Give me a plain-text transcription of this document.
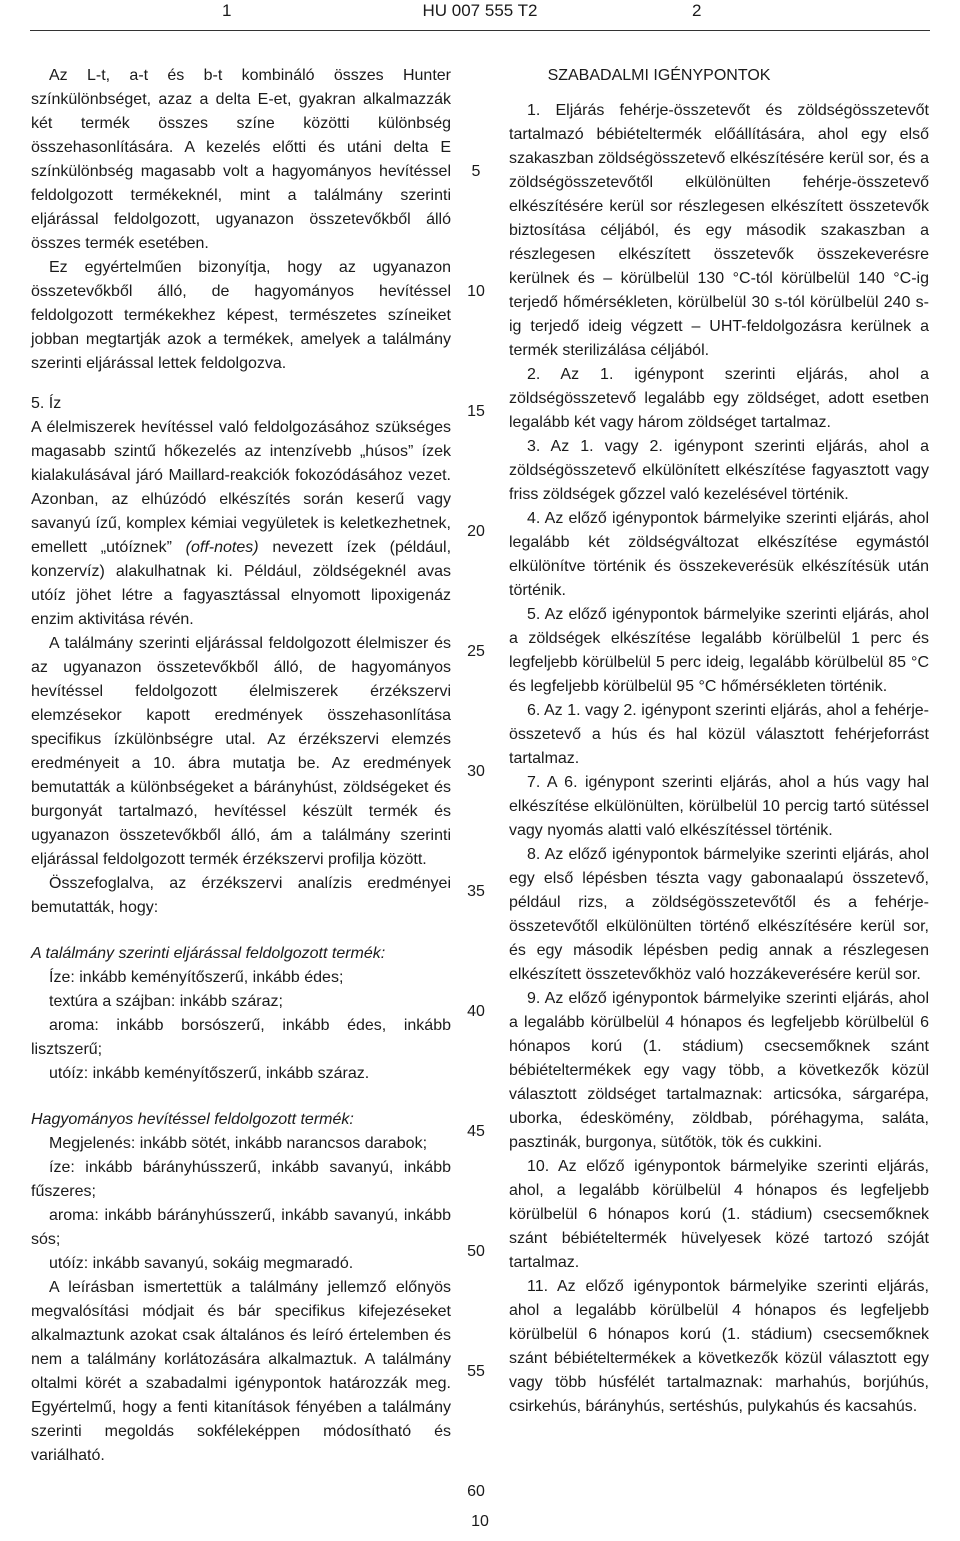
1	HU 007 555 T2	2

Az L-t, a-t és b-t kombináló összes Hunter színkülönbséget, azaz a delta E-et, gyakran alkalmazzák két termék összes színe közötti különbség összehasonlítására. A kezelés előtti és utáni delta E színkülönbség magasabb volt a hagyományos hevítéssel feldolgozott termékeknél, mint a találmány szerinti eljárással feldolgozott, ugyanazon összetevőkből álló összes termék esetében.

Ez egyértelműen bizonyítja, hogy az ugyanazon összetevőkből álló, de hagyományos hevítéssel feldolgozott termékekhez képest, természetes színeiket jobban megtartják azok a termékek, amelyek a találmány szerinti eljárással lettek feldolgozva.

5. Íz

A élelmiszerek hevítéssel való feldolgozásához szükséges magasabb szintű hőkezelés az intenzívebb „húsos” ízek kialakulásával járó Maillard-reakciók fokozódásához vezet. Azonban, az elhúzódó elkészítés során keserű vagy savanyú ízű, komplex kémiai vegyületek is keletkezhetnek, emellett „utóíznek” (off-notes) nevezett ízek (például, konzervíz) alakulhatnak ki. Például, zöldségeknél avas utóíz jöhet létre a fagyasztással elnyomott lipoxigenáz enzim aktivitása révén.

A találmány szerinti eljárással feldolgozott élelmiszer és az ugyanazon összetevőkből álló, de hagyományos hevítéssel feldolgozott élelmiszerek érzékszervi elemzésekor kapott eredmények összehasonlítása specifikus ízkülönbségre utal. Az érzékszervi elemzés eredményeit a 10. ábra mutatja be. Az eredmények bemutatták a különbségeket a bárányhúst, zöldségeket és burgonyát tartalmazó, hevítéssel készült termék és ugyanazon összetevőkből álló, ám a találmány szerinti eljárással feldolgozott termék érzékszervi profilja között.

Összefoglalva, az érzékszervi analízis eredményei bemutatták, hogy:

A találmány szerinti eljárással feldolgozott termék:

Íze: inkább keményítőszerű, inkább édes;

textúra a szájban: inkább száraz;

aroma: inkább borsószerű, inkább édes, inkább lisztszerű;

utóíz: inkább keményítőszerű, inkább száraz.

Hagyományos hevítéssel feldolgozott termék:

Megjelenés: inkább sötét, inkább narancsos darabok;

íze: inkább bárányhússzerű, inkább savanyú, inkább fűszeres;

aroma: inkább bárányhússzerű, inkább savanyú, inkább sós;

utóíz: inkább savanyú, sokáig megmaradó.

A leírásban ismertettük a találmány jellemző előnyös megvalósítási módjait és bár specifikus kifejezéseket alkalmaztunk azokat csak általános és leíró értelemben és nem a találmány korlátozására alkalmaztuk. A találmány oltalmi körét a szabadalmi igénypontok határozzák meg. Egyértelmű, hogy a fenti kitanítások fényében a találmány szerinti megoldás sokféleképpen módosítható és variálható.

5
10
15
20
25
30
35
40
45
50
55
60

SZABADALMI IGÉNYPONTOK

1. Eljárás fehérje-összetevőt és zöldségösszetevőt tartalmazó bébiételtermék előállítására, ahol egy első szakaszban zöldségösszetevő elkészítésére kerül sor, és a zöldségösszetevőtől elkülönülten fehérje-összetevő elkészítésére kerül sor részlegesen elkészített összetevők biztosítása céljából, és egy második szakaszban a részlegesen elkészített összetevők összekeverésre kerülnek és – körülbelül 130 °C-tól körülbelül 140 °C-ig terjedő hőmérsékleten, körülbelül 30 s-tól körülbelül 240 s-ig terjedő ideig végzett – UHT-feldolgozásra kerülnek a termék sterilizálása céljából.

2. Az 1. igénypont szerinti eljárás, ahol a zöldségösszetevő legalább egy zöldséget, adott esetben legalább két vagy három zöldséget tartalmaz.

3. Az 1. vagy 2. igénypont szerinti eljárás, ahol a zöldségösszetevő elkülönített elkészítése fagyasztott vagy friss zöldségek gőzzel való kezelésével történik.

4. Az előző igénypontok bármelyike szerinti eljárás, ahol legalább két zöldségváltozat elkészítése egymástól elkülönítve történik és összekeverésük elkészítésük után történik.

5. Az előző igénypontok bármelyike szerinti eljárás, ahol a zöldségek elkészítése legalább körülbelül 1 perc és legfeljebb körülbelül 5 perc ideig, legalább körülbelül 85 °C és legfeljebb körülbelül 95 °C hőmérsékleten történik.

6. Az 1. vagy 2. igénypont szerinti eljárás, ahol a fehérje-összetevő a hús és hal közül választott fehérjeforrást tartalmaz.

7. A 6. igénypont szerinti eljárás, ahol a hús vagy hal elkészítése elkülönülten, körülbelül 10 percig tartó sütéssel vagy nyomás alatti való elkészítéssel történik.

8. Az előző igénypontok bármelyike szerinti eljárás, ahol egy első lépésben tészta vagy gabonaalapú összetevő, például rizs, a zöldségösszetevőtől és a fehérje-összetevőtől elkülönülten történő elkészítésére kerül sor, és egy második lépésben pedig annak a részlegesen elkészített összetevőkhöz való hozzákeverésére kerül sor.

9. Az előző igénypontok bármelyike szerinti eljárás, ahol a legalább körülbelül 4 hónapos és legfeljebb körülbelül 6 hónapos korú (1. stádium) csecsemőknek szánt bébiételtermékek egy vagy több, a következők közül választott zöldséget tartalmaznak: articsóka, sárgarépa, uborka, édeskömény, zöldbab, póréhagyma, saláta, pasztinák, burgonya, sütőtök, tök és cukkini.

10. Az előző igénypontok bármelyike szerinti eljárás, ahol, a legalább körülbelül 4 hónapos és legfeljebb körülbelül 6 hónapos korú (1. stádium) csecsemőknek szánt bébiételtermék hüvelyesek közé tartozó szóját tartalmaz.

11. Az előző igénypontok bármelyike szerinti eljárás, ahol a legalább körülbelül 4 hónapos és legfeljebb körülbelül 6 hónapos korú (1. stádium) csecsemőknek szánt bébiételtermékek a következők közül választott egy vagy több húsfélét tartalmaznak: marhahús, borjúhús, csirkehús, bárányhús, sertéshús, pulykahús és kacsahús.

10
